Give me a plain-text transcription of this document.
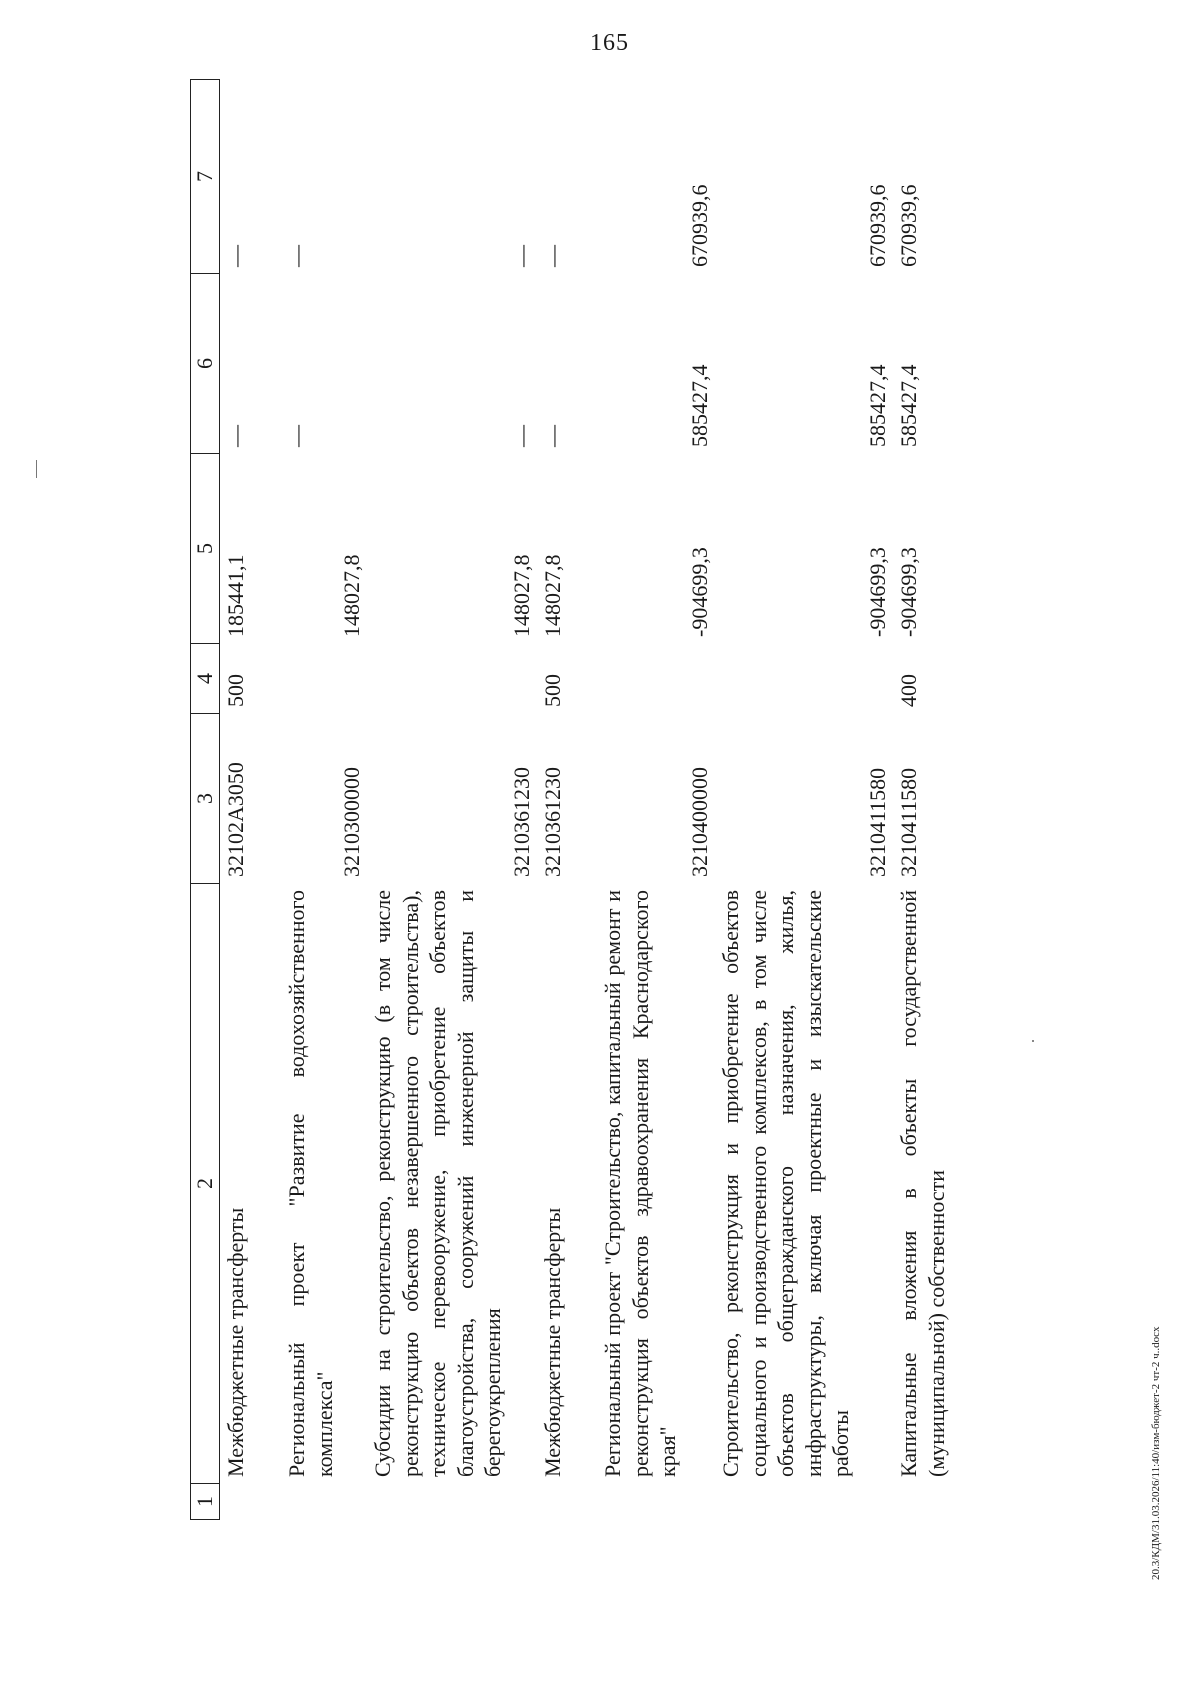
165
1	2	3	4	5	6	7
	Межбюджетные трансферты	32102А3050	500	185441,1	—	—
	Региональный проект "Развитие водохозяйственного комплекса"	3210300000		148027,8	—	—
	Субсидии на строительство, реконструкцию (в том числе реконструкцию объектов незавершенного строительства), техническое перевооружение, приобретение объектов благоустройства, сооружений инженерной защиты и берегоукрепления	3210361230		148027,8	—	—
	Межбюджетные трансферты	3210361230	500	148027,8	—	—
	Региональный проект "Строительство, капитальный ремонт и реконструкция объектов здравоохранения Краснодарского края"	3210400000		-904699,3	585427,4	670939,6
	Строительство, реконструкция и приобретение объектов социального и производственного комплексов, в том числе объектов общегражданского назначения, жилья, инфраструктуры, включая проектные и изыскательские работы	3210411580		-904699,3	585427,4	670939,6
	Капитальные вложения в объекты государственной (муниципальной) собственности	3210411580	400	-904699,3	585427,4	670939,6
20.3/КДМ/31.03.2026/11:40/изм-бюджет-2 чт-2 ч..docx
